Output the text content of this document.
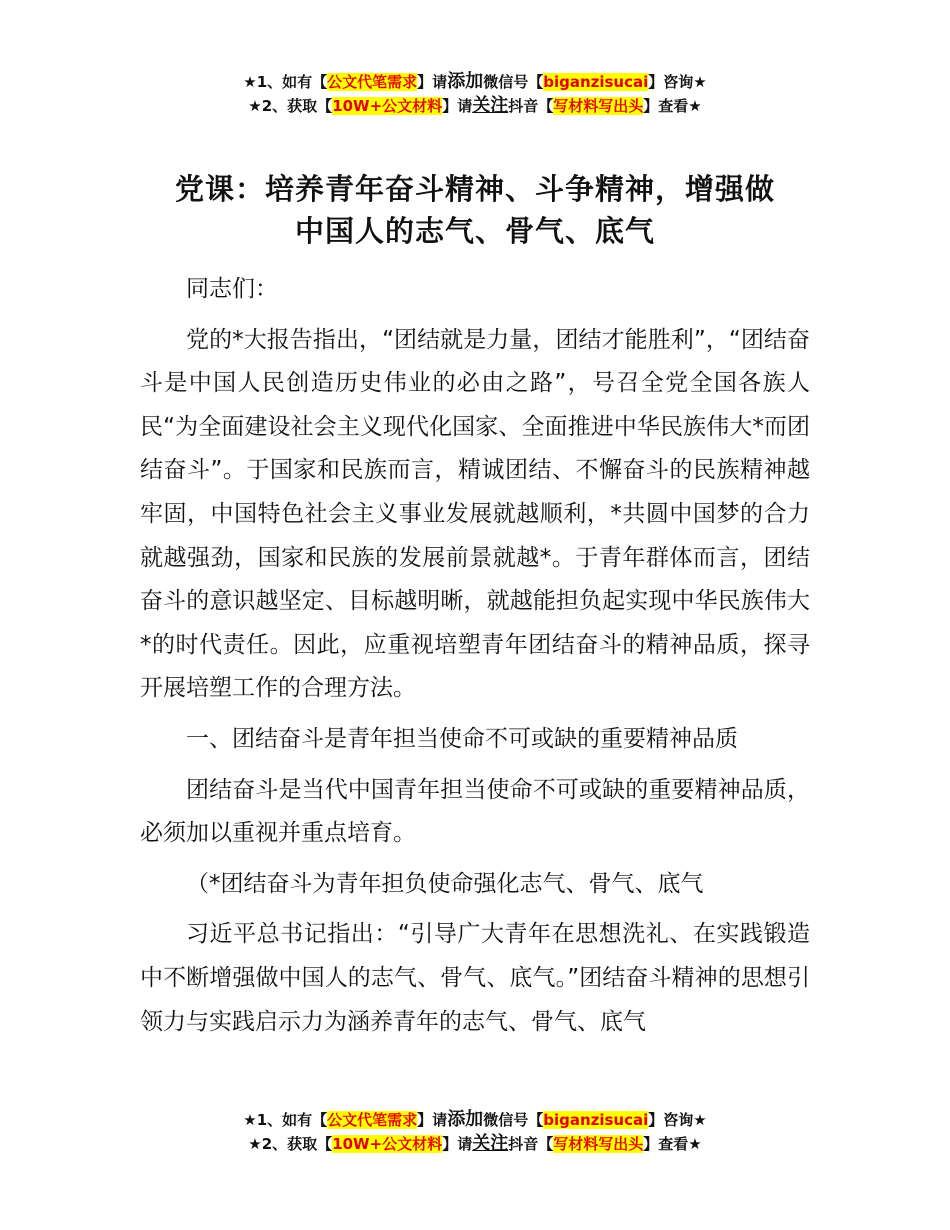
★1、如有【公文代笔需求】请添加微信号【biganzisucai】咨询★
★2、获取【10W+公文材料】请关注抖音【写材料写出头】查看★
党课：培养青年奋斗精神、斗争精神，增强做
中国人的志气、骨气、底气

同志们：

党的*大报告指出，“团结就是力量，团结才能胜利”，“团结奋斗是中国人民创造历史伟业的必由之路”，号召全党全国各族人民“为全面建设社会主义现代化国家、全面推进中华民族伟大*而团结奋斗”。于国家和民族而言，精诚团结、不懈奋斗的民族精神越牢固，中国特色社会主义事业发展就越顺利，*共圆中国梦的合力就越强劲，国家和民族的发展前景就越*。于青年群体而言，团结奋斗的意识越坚定、目标越明晰，就越能担负起实现中华民族伟大*的时代责任。因此，应重视培塑青年团结奋斗的精神品质，探寻开展培塑工作的合理方法。

一、团结奋斗是青年担当使命不可或缺的重要精神品质

团结奋斗是当代中国青年担当使命不可或缺的重要精神品质，必须加以重视并重点培育。

（*团结奋斗为青年担负使命强化志气、骨气、底气

习近平总书记指出：“引导广大青年在思想洗礼、在实践锻造中不断增强做中国人的志气、骨气、底气。”团结奋斗精神的思想引领力与实践启示力为涵养青年的志气、骨气、底气

★1、如有【公文代笔需求】请添加微信号【biganzisucai】咨询★
★2、获取【10W+公文材料】请关注抖音【写材料写出头】查看★
